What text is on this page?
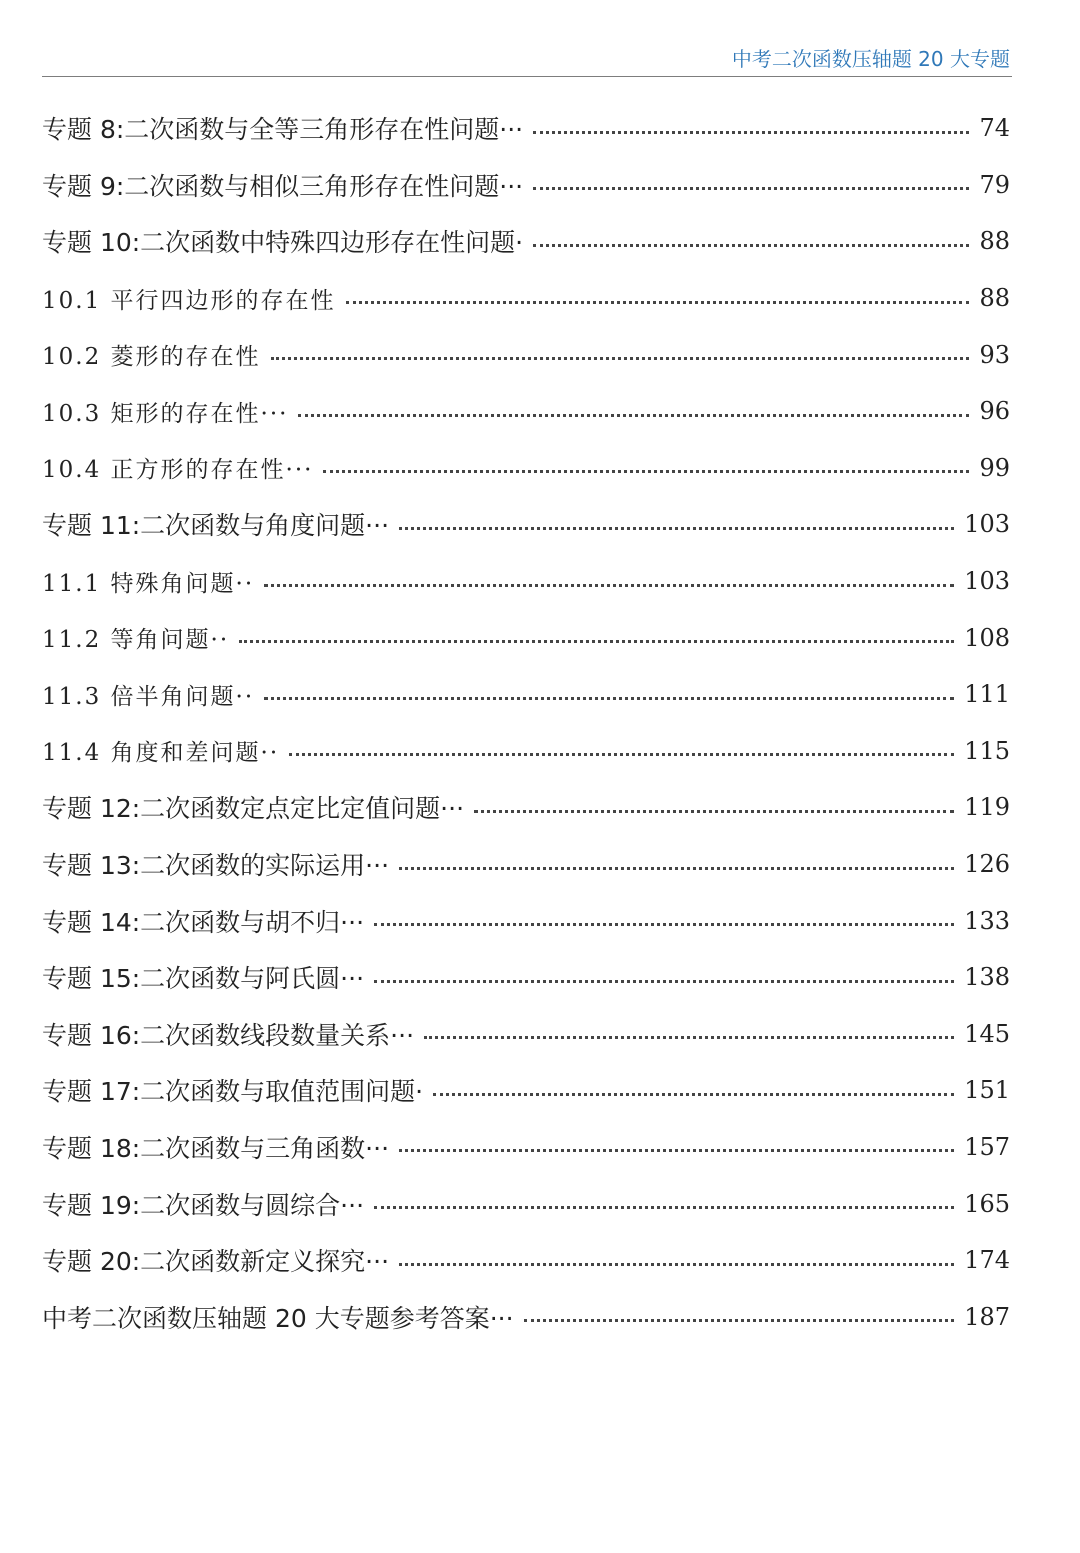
中考二次函数压轴题 20 大专题
专题 8:二次函数与全等三角形存在性问题···	74
专题 9:二次函数与相似三角形存在性问题···	79
专题 10:二次函数中特殊四边形存在性问题·	88
10.1 平行四边形的存在性	88
10.2 菱形的存在性	93
10.3 矩形的存在性···	96
10.4 正方形的存在性···	99
专题 11:二次函数与角度问题···	103
11.1 特殊角问题··	103
11.2 等角问题··	108
11.3 倍半角问题··	111
11.4 角度和差问题··	115
专题 12:二次函数定点定比定值问题···	119
专题 13:二次函数的实际运用···	126
专题 14:二次函数与胡不归···	133
专题 15:二次函数与阿氏圆···	138
专题 16:二次函数线段数量关系···	145
专题 17:二次函数与取值范围问题·	151
专题 18:二次函数与三角函数···	157
专题 19:二次函数与圆综合···	165
专题 20:二次函数新定义探究···	174
中考二次函数压轴题 20 大专题参考答案···	187
